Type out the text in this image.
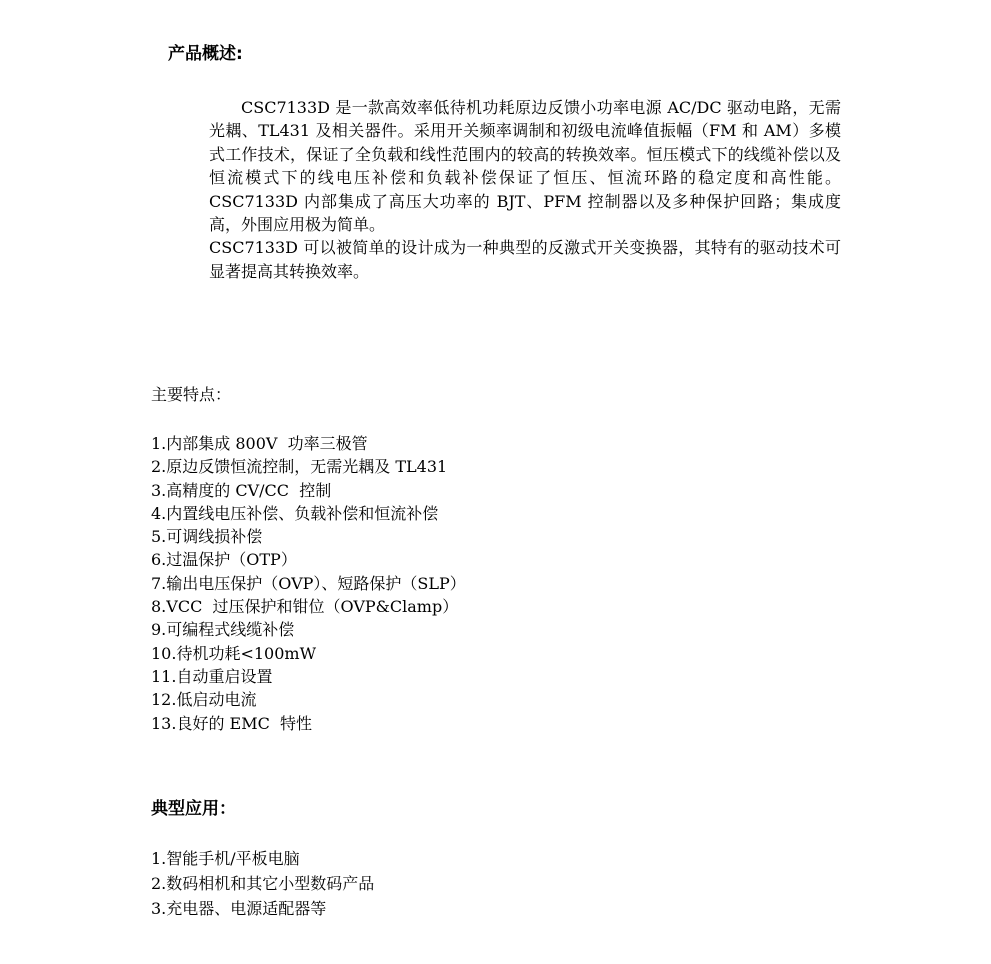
产品概述:

CSC7133D 是一款高效率低待机功耗原边反馈小功率电源 AC/DC 驱动电路，无需光耦、TL431 及相关器件。采用开关频率调制和初级电流峰值振幅（FM 和 AM）多模式工作技术，保证了全负载和线性范围内的较高的转换效率。恒压模式下的线缆补偿以及恒流模式下的线电压补偿和负载补偿保证了恒压、恒流环路的稳定度和高性能。CSC7133D 内部集成了高压大功率的 BJT、PFM 控制器以及多种保护回路；集成度高，外围应用极为简单。

CSC7133D 可以被简单的设计成为一种典型的反激式开关变换器，其特有的驱动技术可显著提高其转换效率。

主要特点：
1.内部集成 800V  功率三极管
2.原边反馈恒流控制，无需光耦及 TL431
3.高精度的 CV/CC  控制
4.内置线电压补偿、负载补偿和恒流补偿
5.可调线损补偿
6.过温保护（OTP）
7.输出电压保护（OVP）、短路保护（SLP）
8.VCC  过压保护和钳位（OVP&Clamp）
9.可编程式线缆补偿
10.待机功耗<100mW
11.自动重启设置
12.低启动电流
13.良好的 EMC  特性
典型应用：
1.智能手机/平板电脑
2.数码相机和其它小型数码产品
3.充电器、电源适配器等
